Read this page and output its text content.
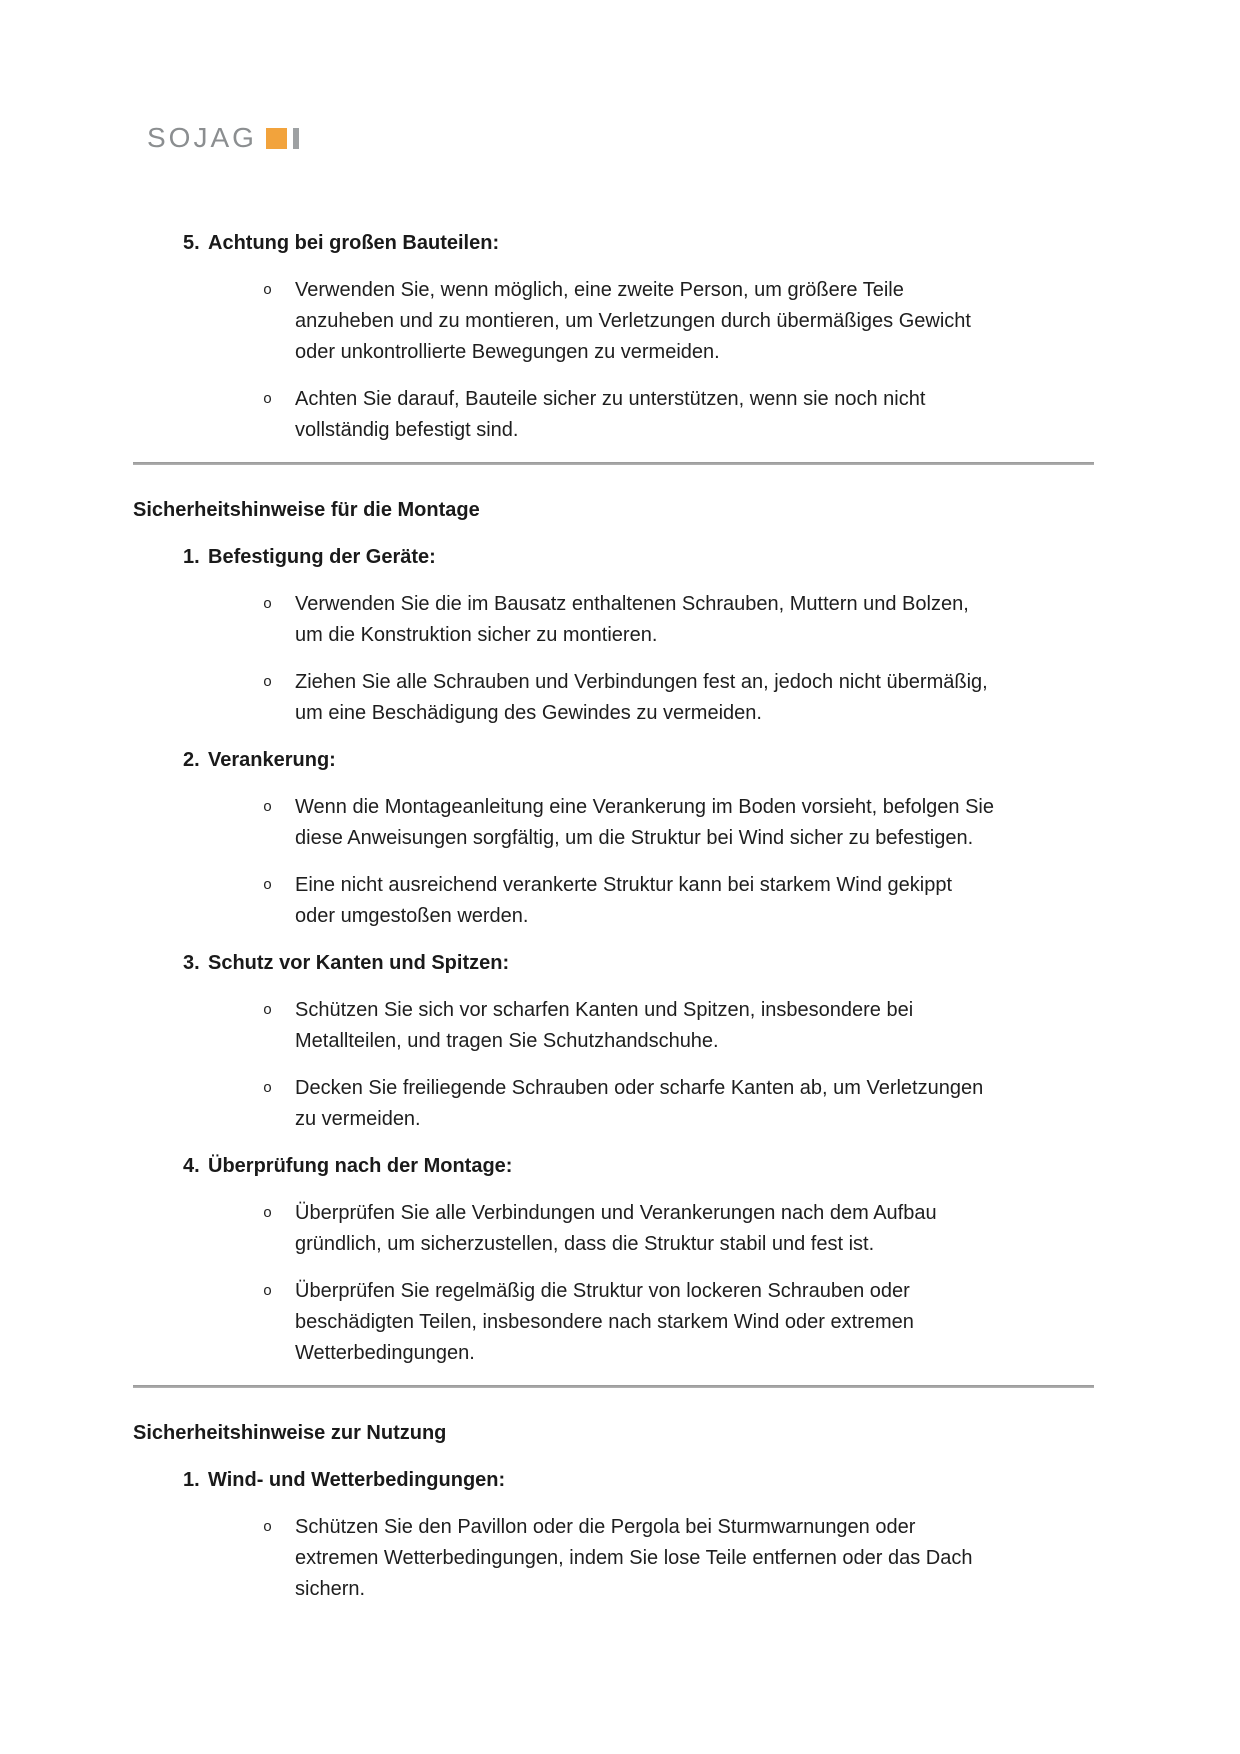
SOJAG
5. Achtung bei großen Bauteilen:
o	Verwenden Sie, wenn möglich, eine zweite Person, um größere Teile anzuheben und zu montieren, um Verletzungen durch übermäßiges Gewicht oder unkontrollierte Bewegungen zu vermeiden.

o	Achten Sie darauf, Bauteile sicher zu unterstützen, wenn sie noch nicht vollständig befestigt sind.

Sicherheitshinweise für die Montage
1. Befestigung der Geräte:
o	Verwenden Sie die im Bausatz enthaltenen Schrauben, Muttern und Bolzen, um die Konstruktion sicher zu montieren.

o	Ziehen Sie alle Schrauben und Verbindungen fest an, jedoch nicht übermäßig, um eine Beschädigung des Gewindes zu vermeiden.

2. Verankerung:
o	Wenn die Montageanleitung eine Verankerung im Boden vorsieht, befolgen Sie diese Anweisungen sorgfältig, um die Struktur bei Wind sicher zu befestigen.

o	Eine nicht ausreichend verankerte Struktur kann bei starkem Wind gekippt oder umgestoßen werden.

3. Schutz vor Kanten und Spitzen:
o	Schützen Sie sich vor scharfen Kanten und Spitzen, insbesondere bei Metallteilen, und tragen Sie Schutzhandschuhe.

o	Decken Sie freiliegende Schrauben oder scharfe Kanten ab, um Verletzungen zu vermeiden.

4. Überprüfung nach der Montage:
o	Überprüfen Sie alle Verbindungen und Verankerungen nach dem Aufbau gründlich, um sicherzustellen, dass die Struktur stabil und fest ist.

o	Überprüfen Sie regelmäßig die Struktur von lockeren Schrauben oder beschädigten Teilen, insbesondere nach starkem Wind oder extremen Wetterbedingungen.

Sicherheitshinweise zur Nutzung
1. Wind- und Wetterbedingungen:
o	Schützen Sie den Pavillon oder die Pergola bei Sturmwarnungen oder extremen Wetterbedingungen, indem Sie lose Teile entfernen oder das Dach sichern.
